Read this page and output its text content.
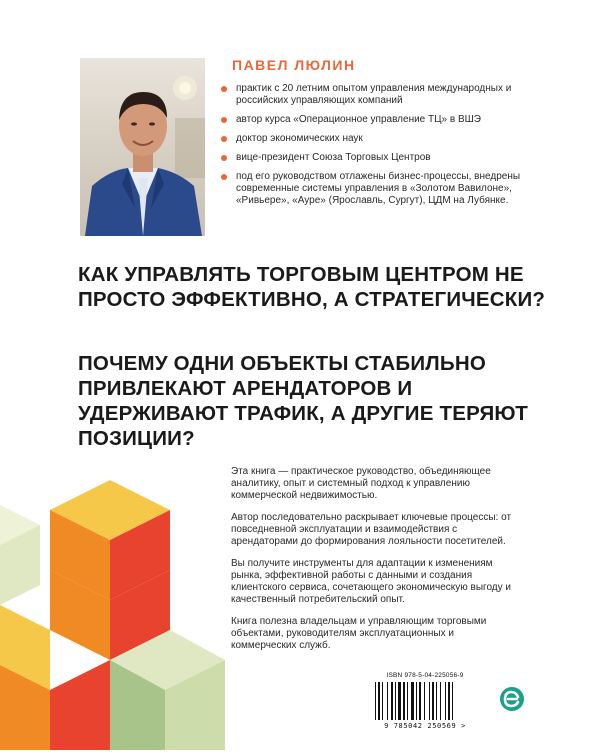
ПАВЕЛ ЛЮЛИН
практик с 20 летним опытом управления международных и российских управляющих компаний
автор курса «Операционное управление ТЦ» в ВШЭ
доктор экономических наук
вице-президент Союза Торговых Центров
под его руководством отлажены бизнес-процессы, внедрены современные системы управления в «Золотом Вавилоне», «Ривьере», «Ауре» (Ярославль, Сургут), ЦДМ на Лубянке.
КАК УПРАВЛЯТЬ ТОРГОВЫМ ЦЕНТРОМ НЕ ПРОСТО ЭФФЕКТИВНО, А СТРАТЕГИЧЕСКИ?
ПОЧЕМУ ОДНИ ОБЪЕКТЫ СТАБИЛЬНО ПРИВЛЕКАЮТ АРЕНДАТОРОВ И УДЕРЖИВАЮТ ТРАФИК, А ДРУГИЕ ТЕРЯЮТ ПОЗИЦИИ?

Эта книга — практическое руководство, объединяющее аналитику, опыт и системный подход к управлению коммерческой недвижимостью.

Автор последовательно раскрывает ключевые процессы: от повседневной эксплуатации и взаимодействия с арендаторами до формирования лояльности посетителей.

Вы получите инструменты для адаптации к изменениям рынка, эффективной работы с данными и создания клиентского сервиса, сочетающего экономическую выгоду и качественный потребительский опыт.

Книга полезна владельцам и управляющим торговыми объектами, руководителям эксплуатационных и коммерческих служб.

ISBN 978-5-04-225056-9
9 785042 250569 >
